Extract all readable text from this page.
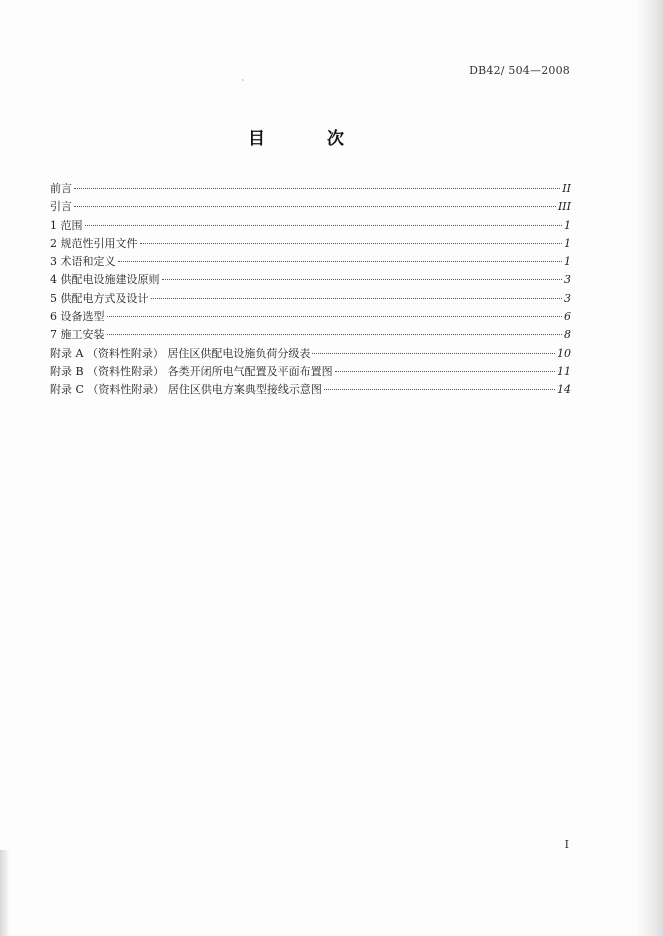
˛	DB42/ 504—2008
目 次
前言	II
引言	III
1 范围	1
2 规范性引用文件	1
3 术语和定义	1
4 供配电设施建设原则	3
5 供配电方式及设计	3
6 设备选型	6
7 施工安装	8
附录 A （资料性附录） 居住区供配电设施负荷分级表	10
附录 B （资料性附录） 各类开闭所电气配置及平面布置图	11
附录 C （资料性附录） 居住区供电方案典型接线示意图	14
I
